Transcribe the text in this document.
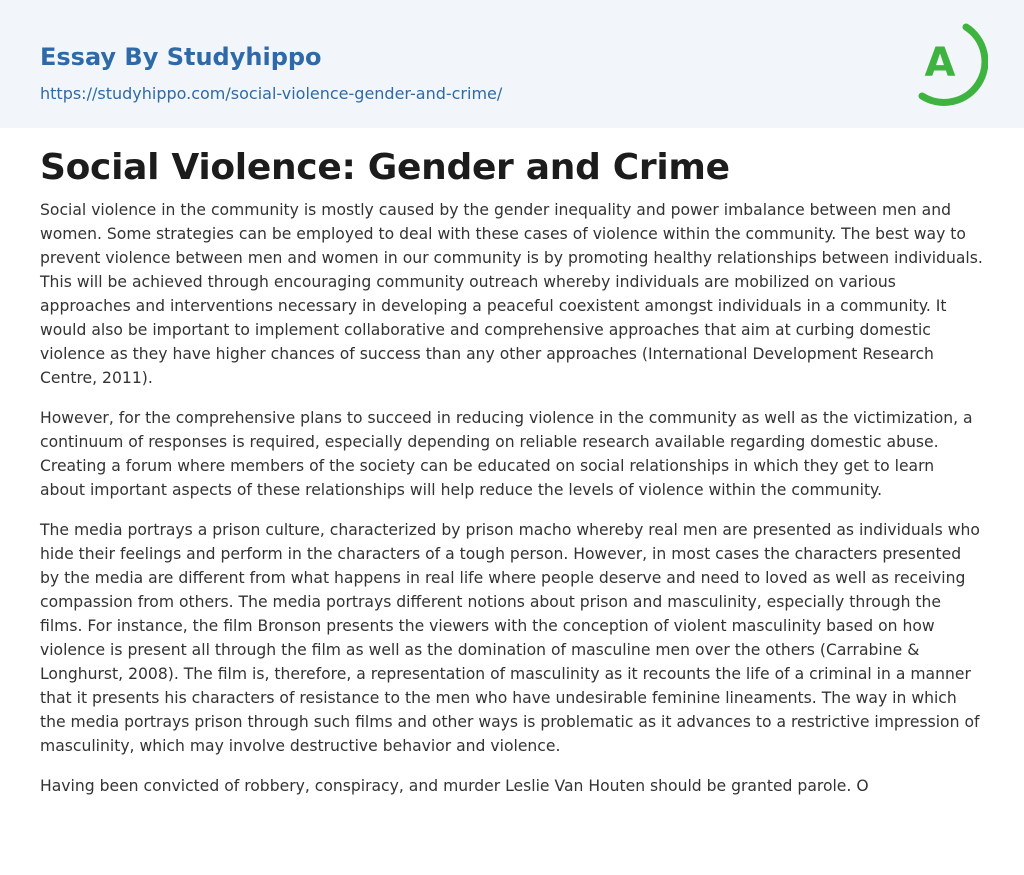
Essay By Studyhippo
https://studyhippo.com/social-violence-gender-and-crime/
A
Social Violence: Gender and Crime

Social violence in the community is mostly caused by the gender inequality and power imbalance between men and women. Some strategies can be employed to deal with these cases of violence within the community. The best way to prevent violence between men and women in our community is by promoting healthy relationships between individuals. This will be achieved through encouraging community outreach whereby individuals are mobilized on various approaches and interventions necessary in developing a peaceful coexistent amongst individuals in a community. It would also be important to implement collaborative and comprehensive approaches that aim at curbing domestic violence as they have higher chances of success than any other approaches (International Development Research Centre, 2011).

However, for the comprehensive plans to succeed in reducing violence in the community as well as the victimization, a continuum of responses is required, especially depending on reliable research available regarding domestic abuse. Creating a forum where members of the society can be educated on social relationships in which they get to learn about important aspects of these relationships will help reduce the levels of violence within the community.

The media portrays a prison culture, characterized by prison macho whereby real men are presented as individuals who hide their feelings and perform in the characters of a tough person. However, in most cases the characters presented by the media are different from what happens in real life where people deserve and need to loved as well as receiving compassion from others. The media portrays different notions about prison and masculinity, especially through the films. For instance, the film Bronson presents the viewers with the conception of violent masculinity based on how violence is present all through the film as well as the domination of masculine men over the others (Carrabine & Longhurst, 2008). The film is, therefore, a representation of masculinity as it recounts the life of a criminal in a manner that it presents his characters of resistance to the men who have undesirable feminine lineaments. The way in which the media portrays prison through such films and other ways is problematic as it advances to a restrictive impression of masculinity, which may involve destructive behavior and violence.

Having been convicted of robbery, conspiracy, and murder Leslie Van Houten should be granted parole. O
